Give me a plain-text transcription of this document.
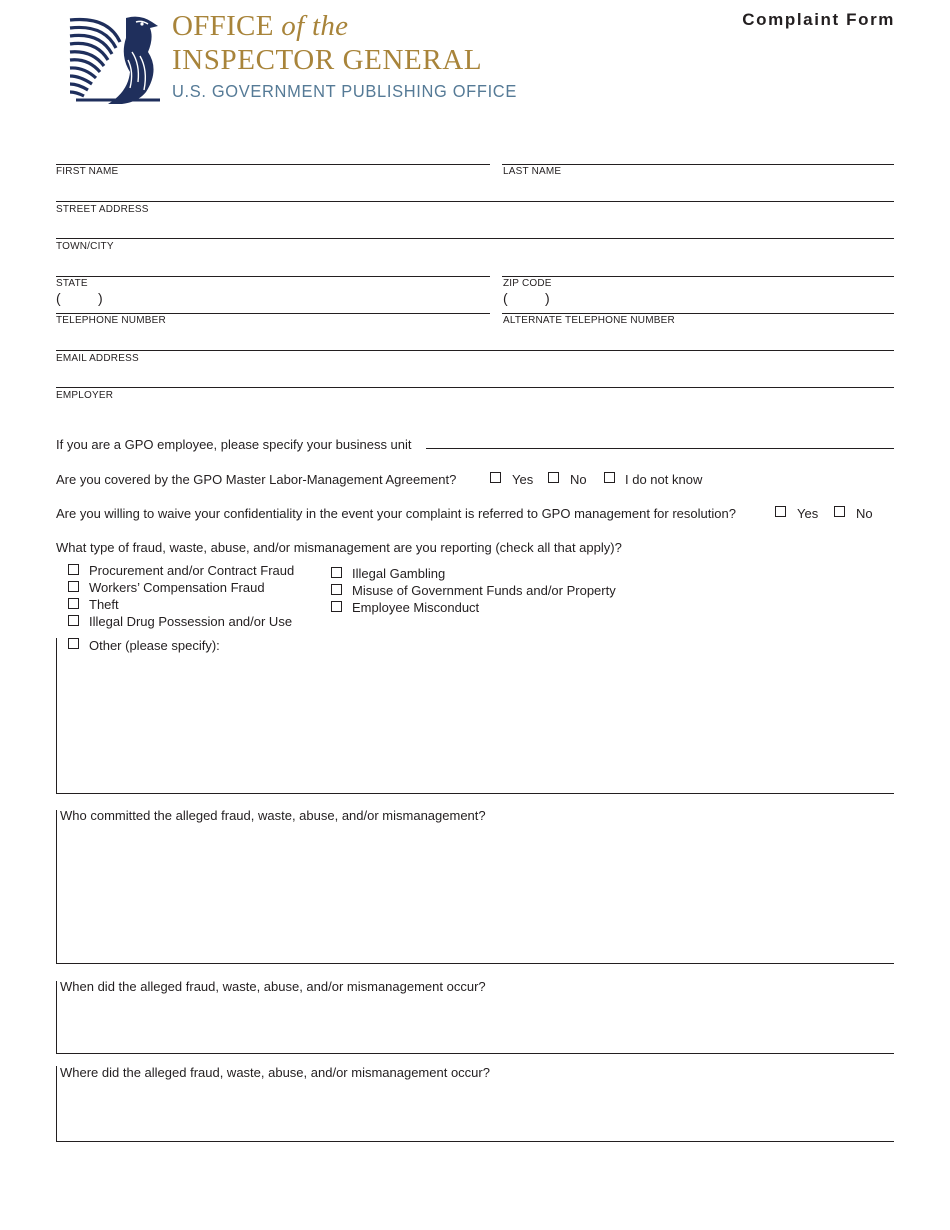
OFFICE of the
INSPECTOR GENERAL
U.S. GOVERNMENT PUBLISHING OFFICE
Complaint Form
FIRST NAME	LAST NAME
STREET ADDRESS
TOWN/CITY
STATE	ZIP CODE
(	)	(	)
TELEPHONE NUMBER	ALTERNATE TELEPHONE NUMBER
EMAIL ADDRESS
EMPLOYER
If you are a GPO employee, please specify your business unit
Are you covered by the GPO Master Labor-Management Agreement?	Yes	No	I do not know
Are you willing to waive your confidentiality in the event your complaint is referred to GPO management for resolution?	Yes	No
What type of fraud, waste, abuse, and/or mismanagement are you reporting (check all that apply)?
Procurement and/or Contract Fraud
Workers’ Compensation Fraud
Theft
Illegal Drug Possession and/or Use
Illegal Gambling
Misuse of Government Funds and/or Property
Employee Misconduct
Other (please specify):
Who committed the alleged fraud, waste, abuse, and/or mismanagement?
When did the alleged fraud, waste, abuse, and/or mismanagement occur?
Where did the alleged fraud, waste, abuse, and/or mismanagement occur?
